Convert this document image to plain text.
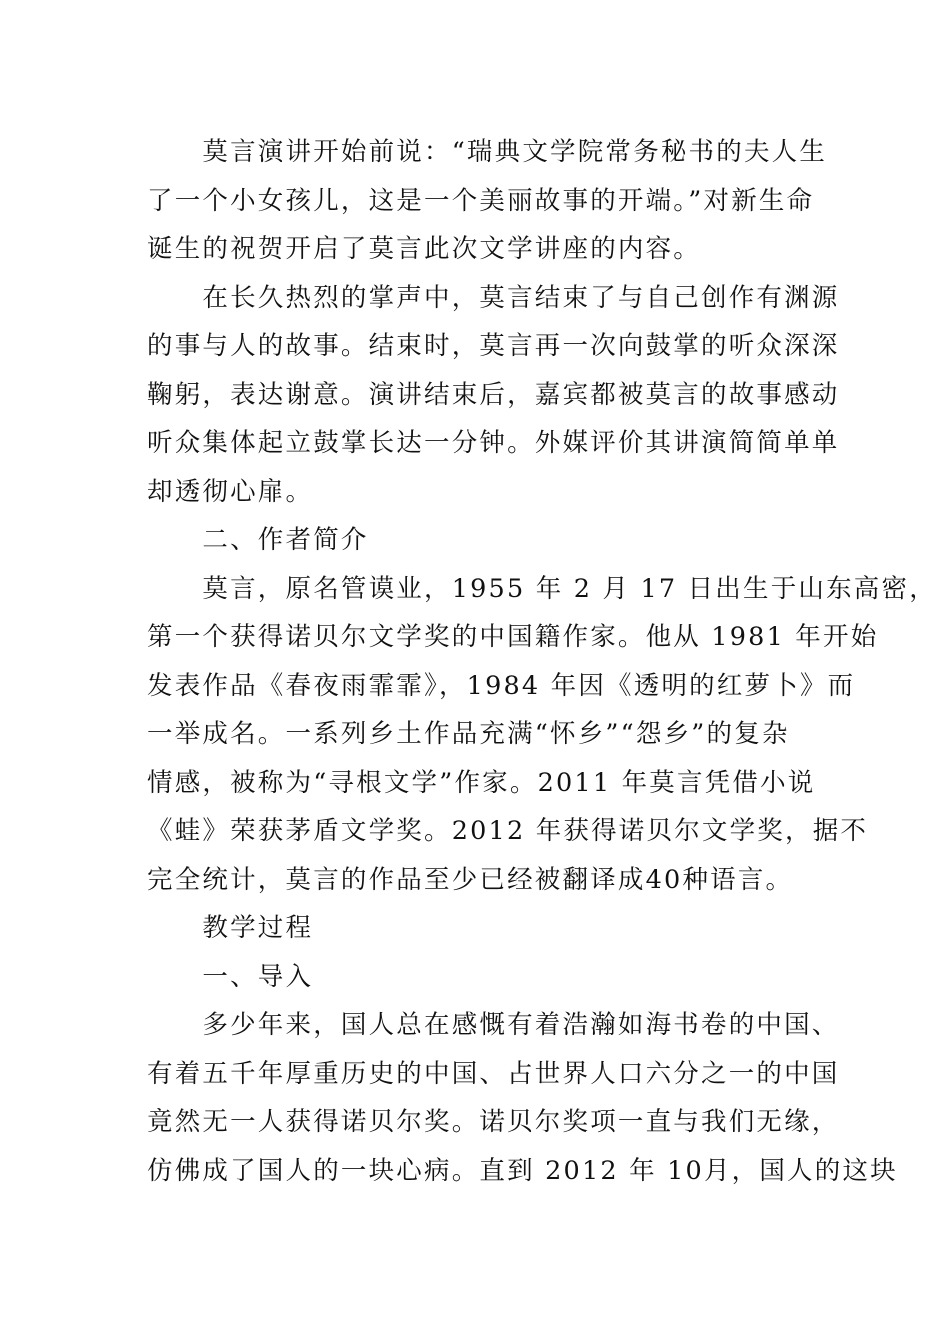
　　莫言演讲开始前说：“瑞典文学院常务秘书的夫人生
了一个小女孩儿，这是一个美丽故事的开端。”对新生命
诞生的祝贺开启了莫言此次文学讲座的内容。
　　在长久热烈的掌声中，莫言结束了与自己创作有渊源
的事与人的故事。结束时，莫言再一次向鼓掌的听众深深
鞠躬，表达谢意。演讲结束后，嘉宾都被莫言的故事感动
听众集体起立鼓掌长达一分钟。外媒评价其讲演简简单单
却透彻心扉。
　　二、作者简介
　　莫言，原名管谟业，1955 年 2 月 17 日出生于山东高密，
第一个获得诺贝尔文学奖的中国籍作家。他从 1981 年开始
发表作品《春夜雨霏霏》，1984 年因《透明的红萝卜》而
一举成名。一系列乡土作品充满“怀乡”“怨乡”的复杂
情感，被称为“寻根文学”作家。2011 年莫言凭借小说
《蛙》荣获茅盾文学奖。2012 年获得诺贝尔文学奖，据不
完全统计，莫言的作品至少已经被翻译成40种语言。
　　教学过程
　　一、导入
　　多少年来，国人总在感慨有着浩瀚如海书卷的中国、
有着五千年厚重历史的中国、占世界人口六分之一的中国
竟然无一人获得诺贝尔奖。诺贝尔奖项一直与我们无缘，
仿佛成了国人的一块心病。直到 2012 年 10月，国人的这块
